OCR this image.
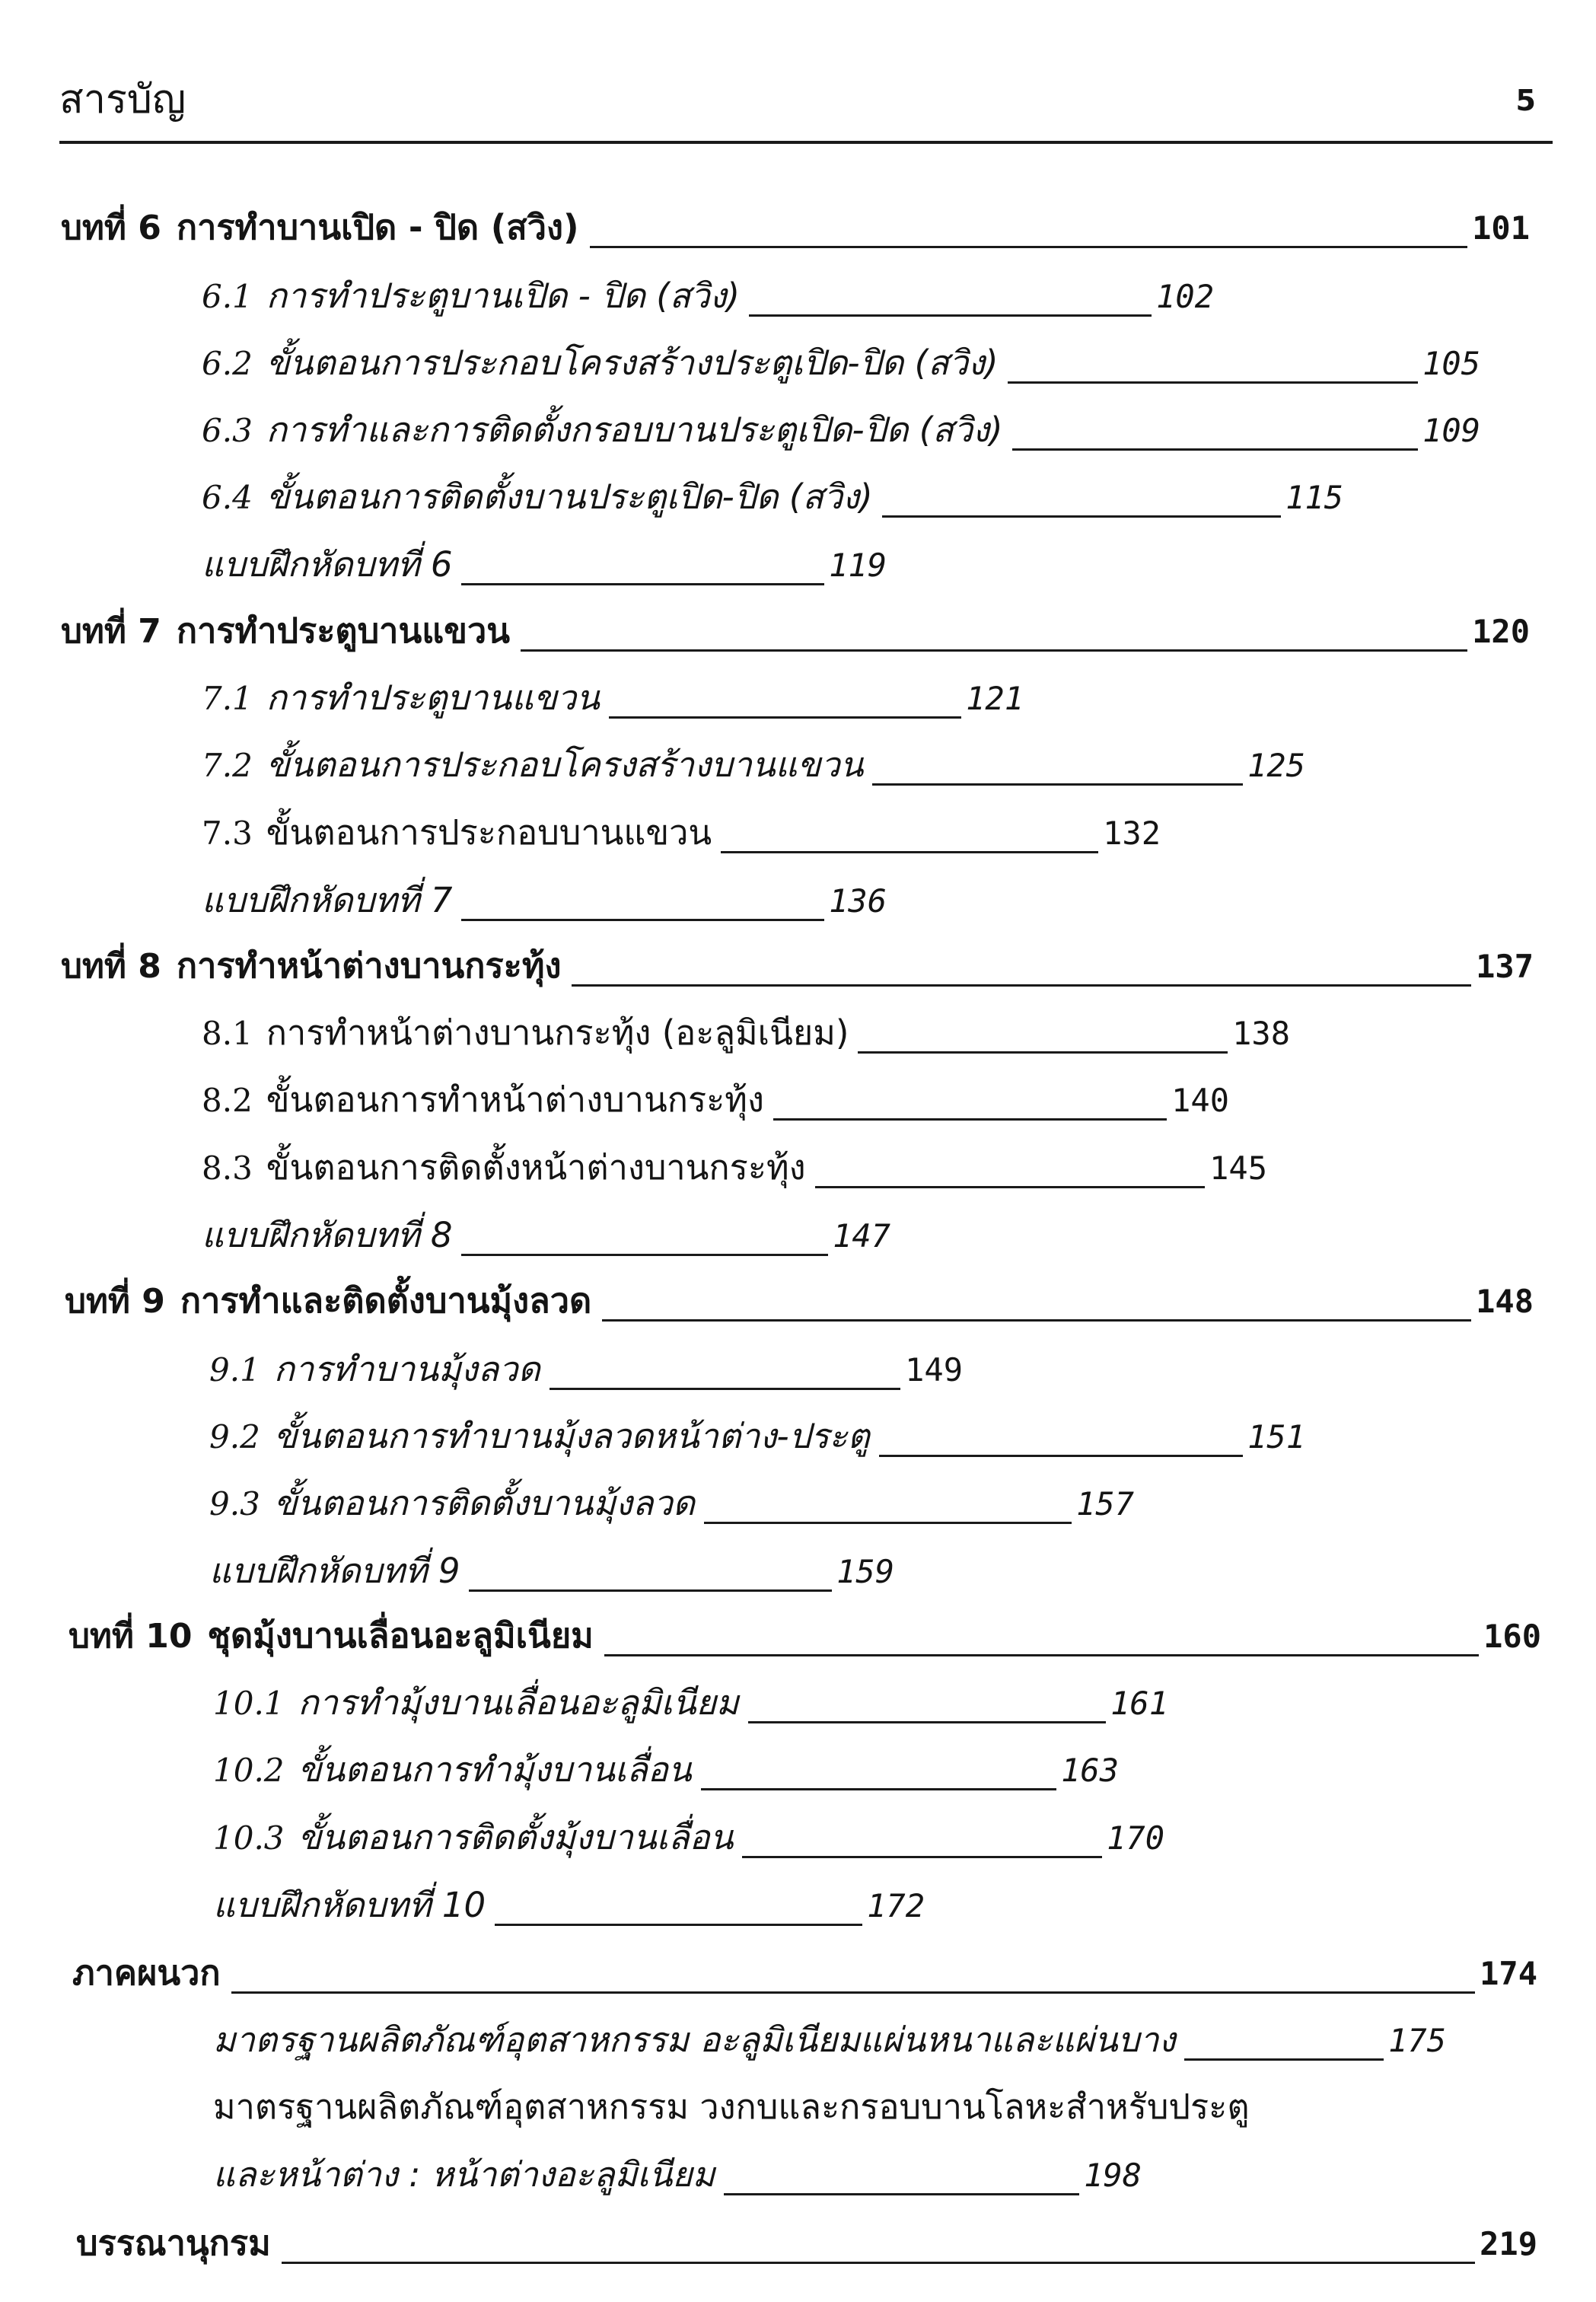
สารบัญ	5
บทที่ 6 การทำบานเปิด - ปิด (สวิง)	101
6.1 การทำประตูบานเปิด - ปิด (สวิง)	102
6.2 ขั้นตอนการประกอบโครงสร้างประตูเปิด-ปิด (สวิง)	105
6.3 การทำและการติดตั้งกรอบบานประตูเปิด-ปิด (สวิง)	109
6.4 ขั้นตอนการติดตั้งบานประตูเปิด-ปิด (สวิง)	115
แบบฝึกหัดบทที่ 6	119
บทที่ 7 การทำประตูบานแขวน	120
7.1 การทำประตูบานแขวน	121
7.2 ขั้นตอนการประกอบโครงสร้างบานแขวน	125
7.3 ขั้นตอนการประกอบบานแขวน	132
แบบฝึกหัดบทที่ 7	136
บทที่ 8 การทำหน้าต่างบานกระทุ้ง	137
8.1 การทำหน้าต่างบานกระทุ้ง (อะลูมิเนียม)	138
8.2 ขั้นตอนการทำหน้าต่างบานกระทุ้ง	140
8.3 ขั้นตอนการติดตั้งหน้าต่างบานกระทุ้ง	145
แบบฝึกหัดบทที่ 8	147
บทที่ 9 การทำและติดตั้งบานมุ้งลวด	148
9.1 การทำบานมุ้งลวด	149
9.2 ขั้นตอนการทำบานมุ้งลวดหน้าต่าง-ประตู	151
9.3 ขั้นตอนการติดตั้งบานมุ้งลวด	157
แบบฝึกหัดบทที่ 9	159
บทที่ 10 ชุดมุ้งบานเลื่อนอะลูมิเนียม	160
10.1 การทำมุ้งบานเลื่อนอะลูมิเนียม	161
10.2 ขั้นตอนการทำมุ้งบานเลื่อน	163
10.3 ขั้นตอนการติดตั้งมุ้งบานเลื่อน	170
แบบฝึกหัดบทที่ 10	172
ภาคผนวก	174
มาตรฐานผลิตภัณฑ์อุตสาหกรรม อะลูมิเนียมแผ่นหนาและแผ่นบาง	175
มาตรฐานผลิตภัณฑ์อุตสาหกรรม วงกบและกรอบบานโลหะสำหรับประตู
และหน้าต่าง : หน้าต่างอะลูมิเนียม	198
บรรณานุกรม	219
